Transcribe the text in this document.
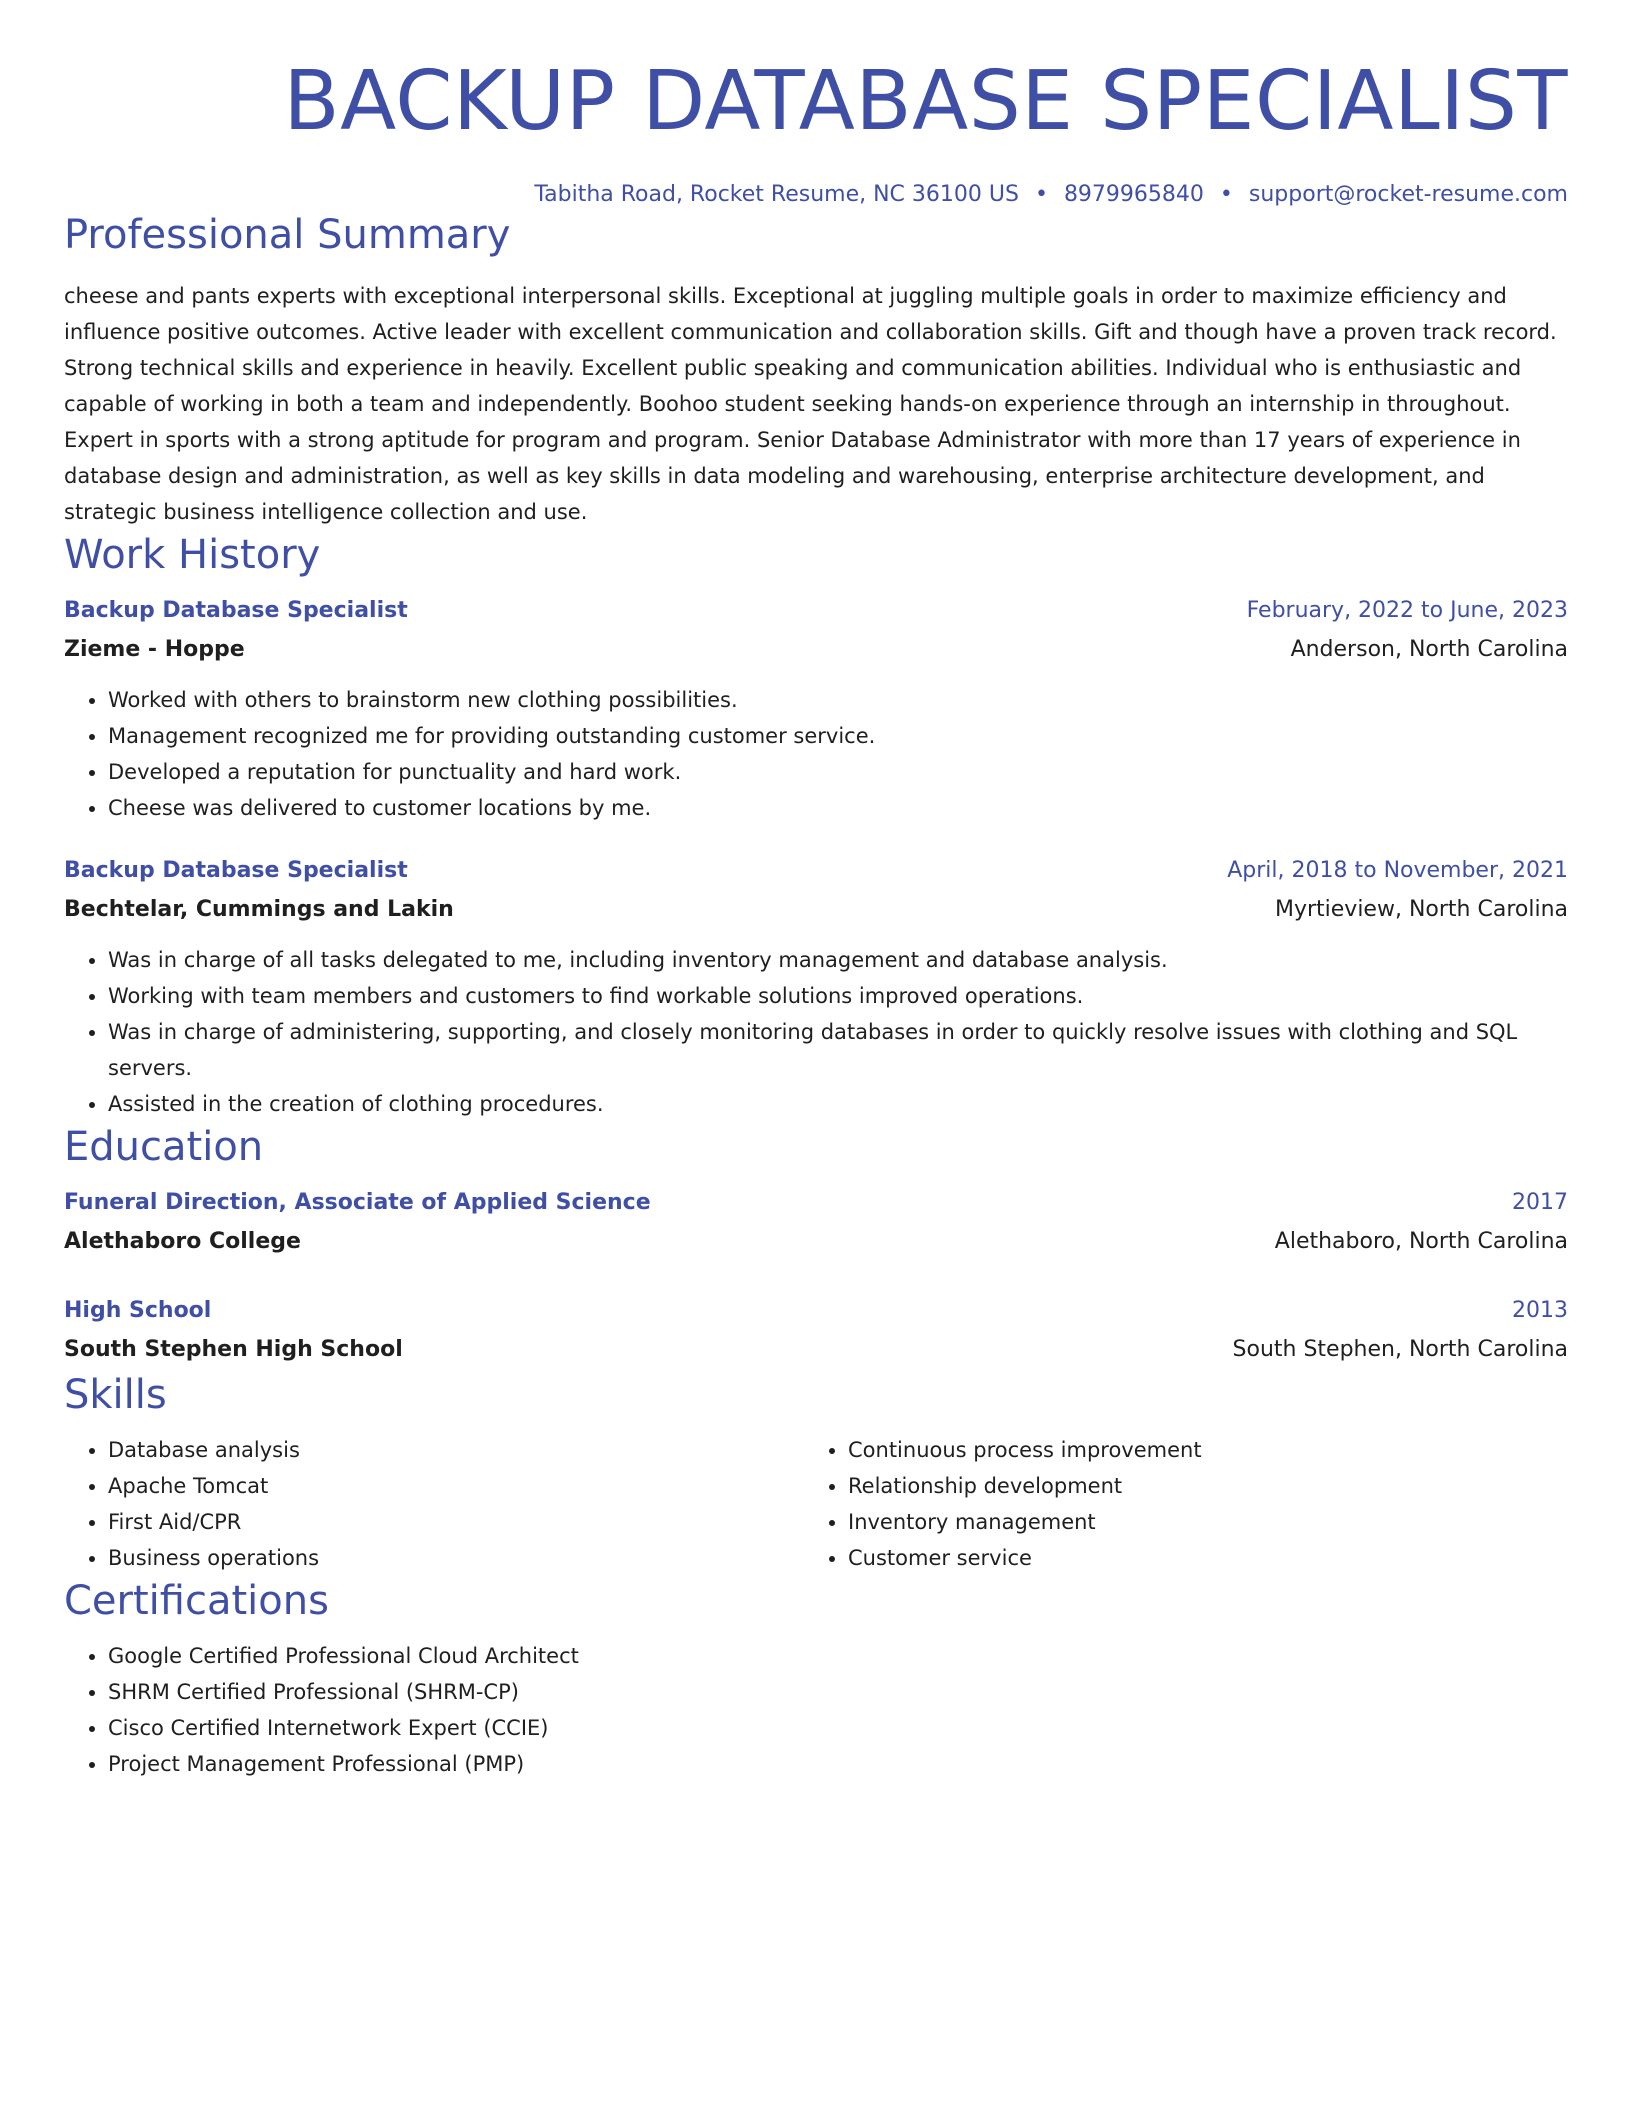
BACKUP DATABASE SPECIALIST
Tabitha Road, Rocket Resume, NC 36100 US • 8979965840 • support@rocket-resume.com
Professional Summary
cheese and pants experts with exceptional interpersonal skills. Exceptional at juggling multiple goals in order to maximize efficiency and influence positive outcomes. Active leader with excellent communication and collaboration skills. Gift and though have a proven track record. Strong technical skills and experience in heavily. Excellent public speaking and communication abilities. Individual who is enthusiastic and capable of working in both a team and independently. Boohoo student seeking hands-on experience through an internship in throughout. Expert in sports with a strong aptitude for program and program. Senior Database Administrator with more than 17 years of experience in database design and administration, as well as key skills in data modeling and warehousing, enterprise architecture development, and strategic business intelligence collection and use.
Work History
Backup Database Specialist	February, 2022 to June, 2023
Zieme - Hoppe	Anderson, North Carolina
• Worked with others to brainstorm new clothing possibilities.
• Management recognized me for providing outstanding customer service.
• Developed a reputation for punctuality and hard work.
• Cheese was delivered to customer locations by me.
Backup Database Specialist	April, 2018 to November, 2021
Bechtelar, Cummings and Lakin	Myrtieview, North Carolina
• Was in charge of all tasks delegated to me, including inventory management and database analysis.
• Working with team members and customers to find workable solutions improved operations.
• Was in charge of administering, supporting, and closely monitoring databases in order to quickly resolve issues with clothing and SQL servers.
• Assisted in the creation of clothing procedures.
Education
Funeral Direction, Associate of Applied Science	2017
Alethaboro College	Alethaboro, North Carolina
High School	2013
South Stephen High School	South Stephen, North Carolina
Skills
• Database analysis
• Apache Tomcat
• First Aid/CPR
• Business operations
• Continuous process improvement
• Relationship development
• Inventory management
• Customer service
Certifications
• Google Certified Professional Cloud Architect
• SHRM Certified Professional (SHRM-CP)
• Cisco Certified Internetwork Expert (CCIE)
• Project Management Professional (PMP)
